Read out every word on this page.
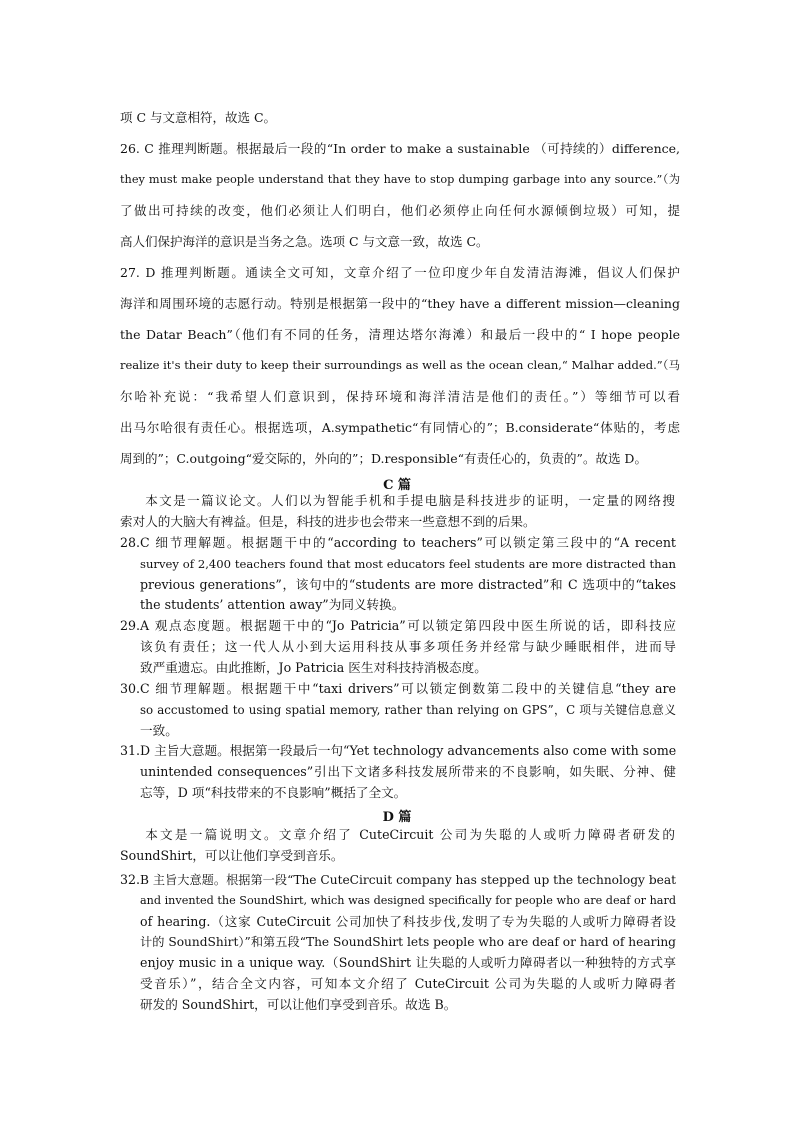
项 C 与文意相符，故选 C。
26. C 推理判断题。根据最后一段的“In order to make a sustainable （可持续的）difference,
they must make people understand that they have to stop dumping garbage into any source.”（为
了做出可持续的改变，他们必须让人们明白，他们必须停止向任何水源倾倒垃圾）可知，提
高人们保护海洋的意识是当务之急。选项 C 与文意一致，故选 C。
27. D 推理判断题。通读全文可知，文章介绍了一位印度少年自发清洁海滩，倡议人们保护
海洋和周围环境的志愿行动。特别是根据第一段中的“they have a different mission—cleaning
the Datar Beach”（他们有不同的任务，清理达塔尔海滩）和最后一段中的“ I hope people
realize it's their duty to keep their surroundings as well as the ocean clean,“ Malhar added.”（马
尔哈补充说：“我希望人们意识到，保持环境和海洋清洁是他们的责任。”）等细节可以看
出马尔哈很有责任心。根据选项，A.sympathetic“有同情心的”；B.considerate“体贴的，考虑
周到的”；C.outgoing“爱交际的，外向的”；D.responsible“有责任心的，负责的”。故选 D。
C 篇
本文是一篇议论文。人们以为智能手机和手提电脑是科技进步的证明，一定量的网络搜
索对人的大脑大有裨益。但是，科技的进步也会带来一些意想不到的后果。
28. C 细节理解题。根据题干中的“according to teachers”可以锁定第三段中的“A recent
survey of 2,400 teachers found that most educators feel students are more distracted than
previous generations”，该句中的“students are more distracted”和 C 选项中的“takes
the students’ attention away”为同义转换。
29. A 观点态度题。根据题干中的“Jo Patricia”可以锁定第四段中医生所说的话，即科技应
该负有责任；这一代人从小到大运用科技从事多项任务并经常与缺少睡眠相伴，进而导
致严重遗忘。由此推断，Jo Patricia 医生对科技持消极态度。
30. C 细节理解题。根据题干中“taxi drivers”可以锁定倒数第二段中的关键信息“they are
so accustomed to using spatial memory, rather than relying on GPS”，C 项与关键信息意义
一致。
31. D 主旨大意题。根据第一段最后一句“Yet technology advancements also come with some
unintended consequences”引出下文诸多科技发展所带来的不良影响，如失眠、分神、健
忘等，D 项“科技带来的不良影响”概括了全文。
D 篇
本文是一篇说明文。文章介绍了 CuteCircuit 公司为失聪的人或听力障碍者研发的
SoundShirt，可以让他们享受到音乐。
32. B 主旨大意题。根据第一段“The CuteCircuit company has stepped up the technology beat
and invented the SoundShirt, which was designed specifically for people who are deaf or hard
of hearing.（这家 CuteCircuit 公司加快了科技步伐,发明了专为失聪的人或听力障碍者设
计的 SoundShirt）”和第五段“The SoundShirt lets people who are deaf or hard of hearing
enjoy music in a unique way.（SoundShirt 让失聪的人或听力障碍者以一种独特的方式享
受音乐）”，结合全文内容，可知本文介绍了 CuteCircuit 公司为失聪的人或听力障碍者
研发的 SoundShirt，可以让他们享受到音乐。故选 B。
